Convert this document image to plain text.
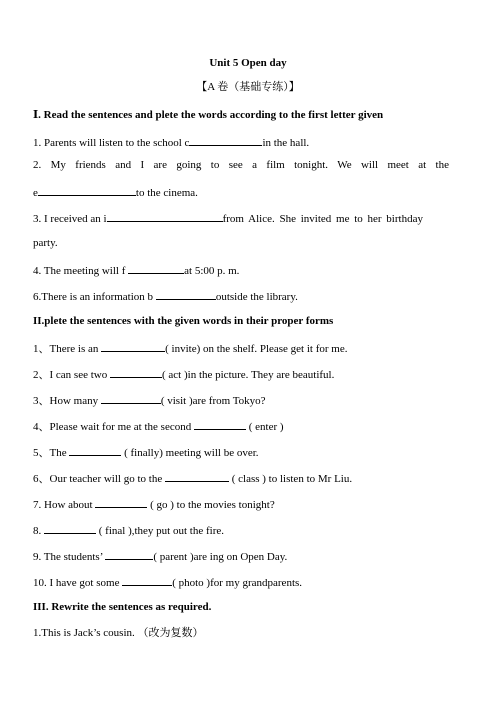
Unit 5 Open day
【A 卷（基础专练）】
Ⅰ. Read the sentences and plete the words according to the first letter given
1. Parents will listen to the school c	in the hall.
2. My friends and I are going to see a film tonight. We will meet at the
e	to the cinema.
3. I received an i	from Alice. She invited me to her birthday
party.
4. The meeting will f	at 5:00 p. m.
6.There is an information b	outside the library.
II.plete the sentences with the given words in their proper forms
1、There is an	( invite) on the shelf. Please get it for me.
2、I can see two	( act )in the picture. They are beautiful.
3、How many	( visit )are from Tokyo?
4、Please wait for me at the second	( enter )
5、The	( finally) meeting will be over.
6、Our teacher will go to the	( class ) to listen to Mr Liu.
7. How about	( go ) to the movies tonight?
8.	( final ),they put out the fire.
9. The students’	( parent )are ing on Open Day.
10. I have got some	( photo )for my grandparents.
III. Rewrite the sentences as required.
1.This is Jack’s cousin. （改为复数）
